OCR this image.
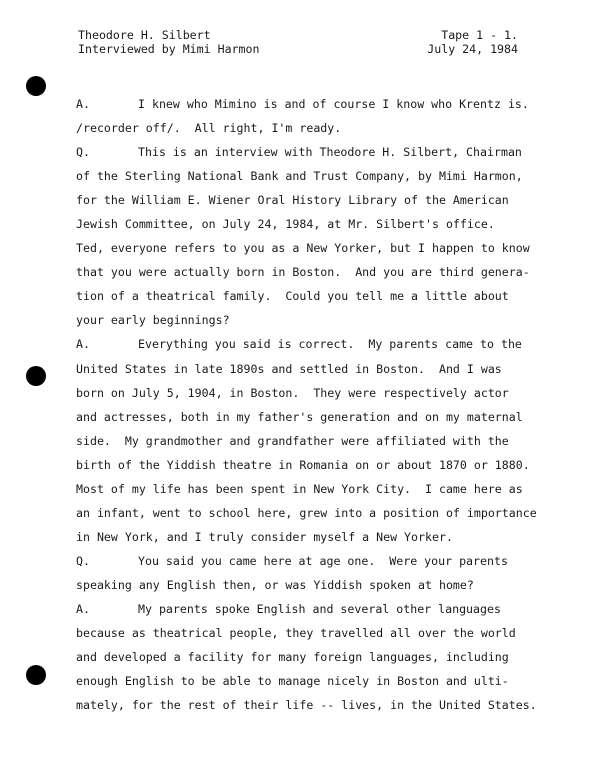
Theodore H. Silbert	Tape 1 - 1.
Interviewed by Mimi Harmon	July 24, 1984
A.	I knew who Mimino is and of course I know who Krentz is.
/recorder off/.  All right, I'm ready.
Q.	This is an interview with Theodore H. Silbert, Chairman
of the Sterling National Bank and Trust Company, by Mimi Harmon,
for the William E. Wiener Oral History Library of the American
Jewish Committee, on July 24, 1984, at Mr. Silbert's office.
Ted, everyone refers to you as a New Yorker, but I happen to know
that you were actually born in Boston.  And you are third genera-
tion of a theatrical family.  Could you tell me a little about
your early beginnings?
A.	Everything you said is correct.  My parents came to the
United States in late 1890s and settled in Boston.  And I was
born on July 5, 1904, in Boston.  They were respectively actor
and actresses, both in my father's generation and on my maternal
side.  My grandmother and grandfather were affiliated with the
birth of the Yiddish theatre in Romania on or about 1870 or 1880.
Most of my life has been spent in New York City.  I came here as
an infant, went to school here, grew into a position of importance
in New York, and I truly consider myself a New Yorker.
Q.	You said you came here at age one.  Were your parents
speaking any English then, or was Yiddish spoken at home?
A.	My parents spoke English and several other languages
because as theatrical people, they travelled all over the world
and developed a facility for many foreign languages, including
enough English to be able to manage nicely in Boston and ulti-
mately, for the rest of their life -- lives, in the United States.
